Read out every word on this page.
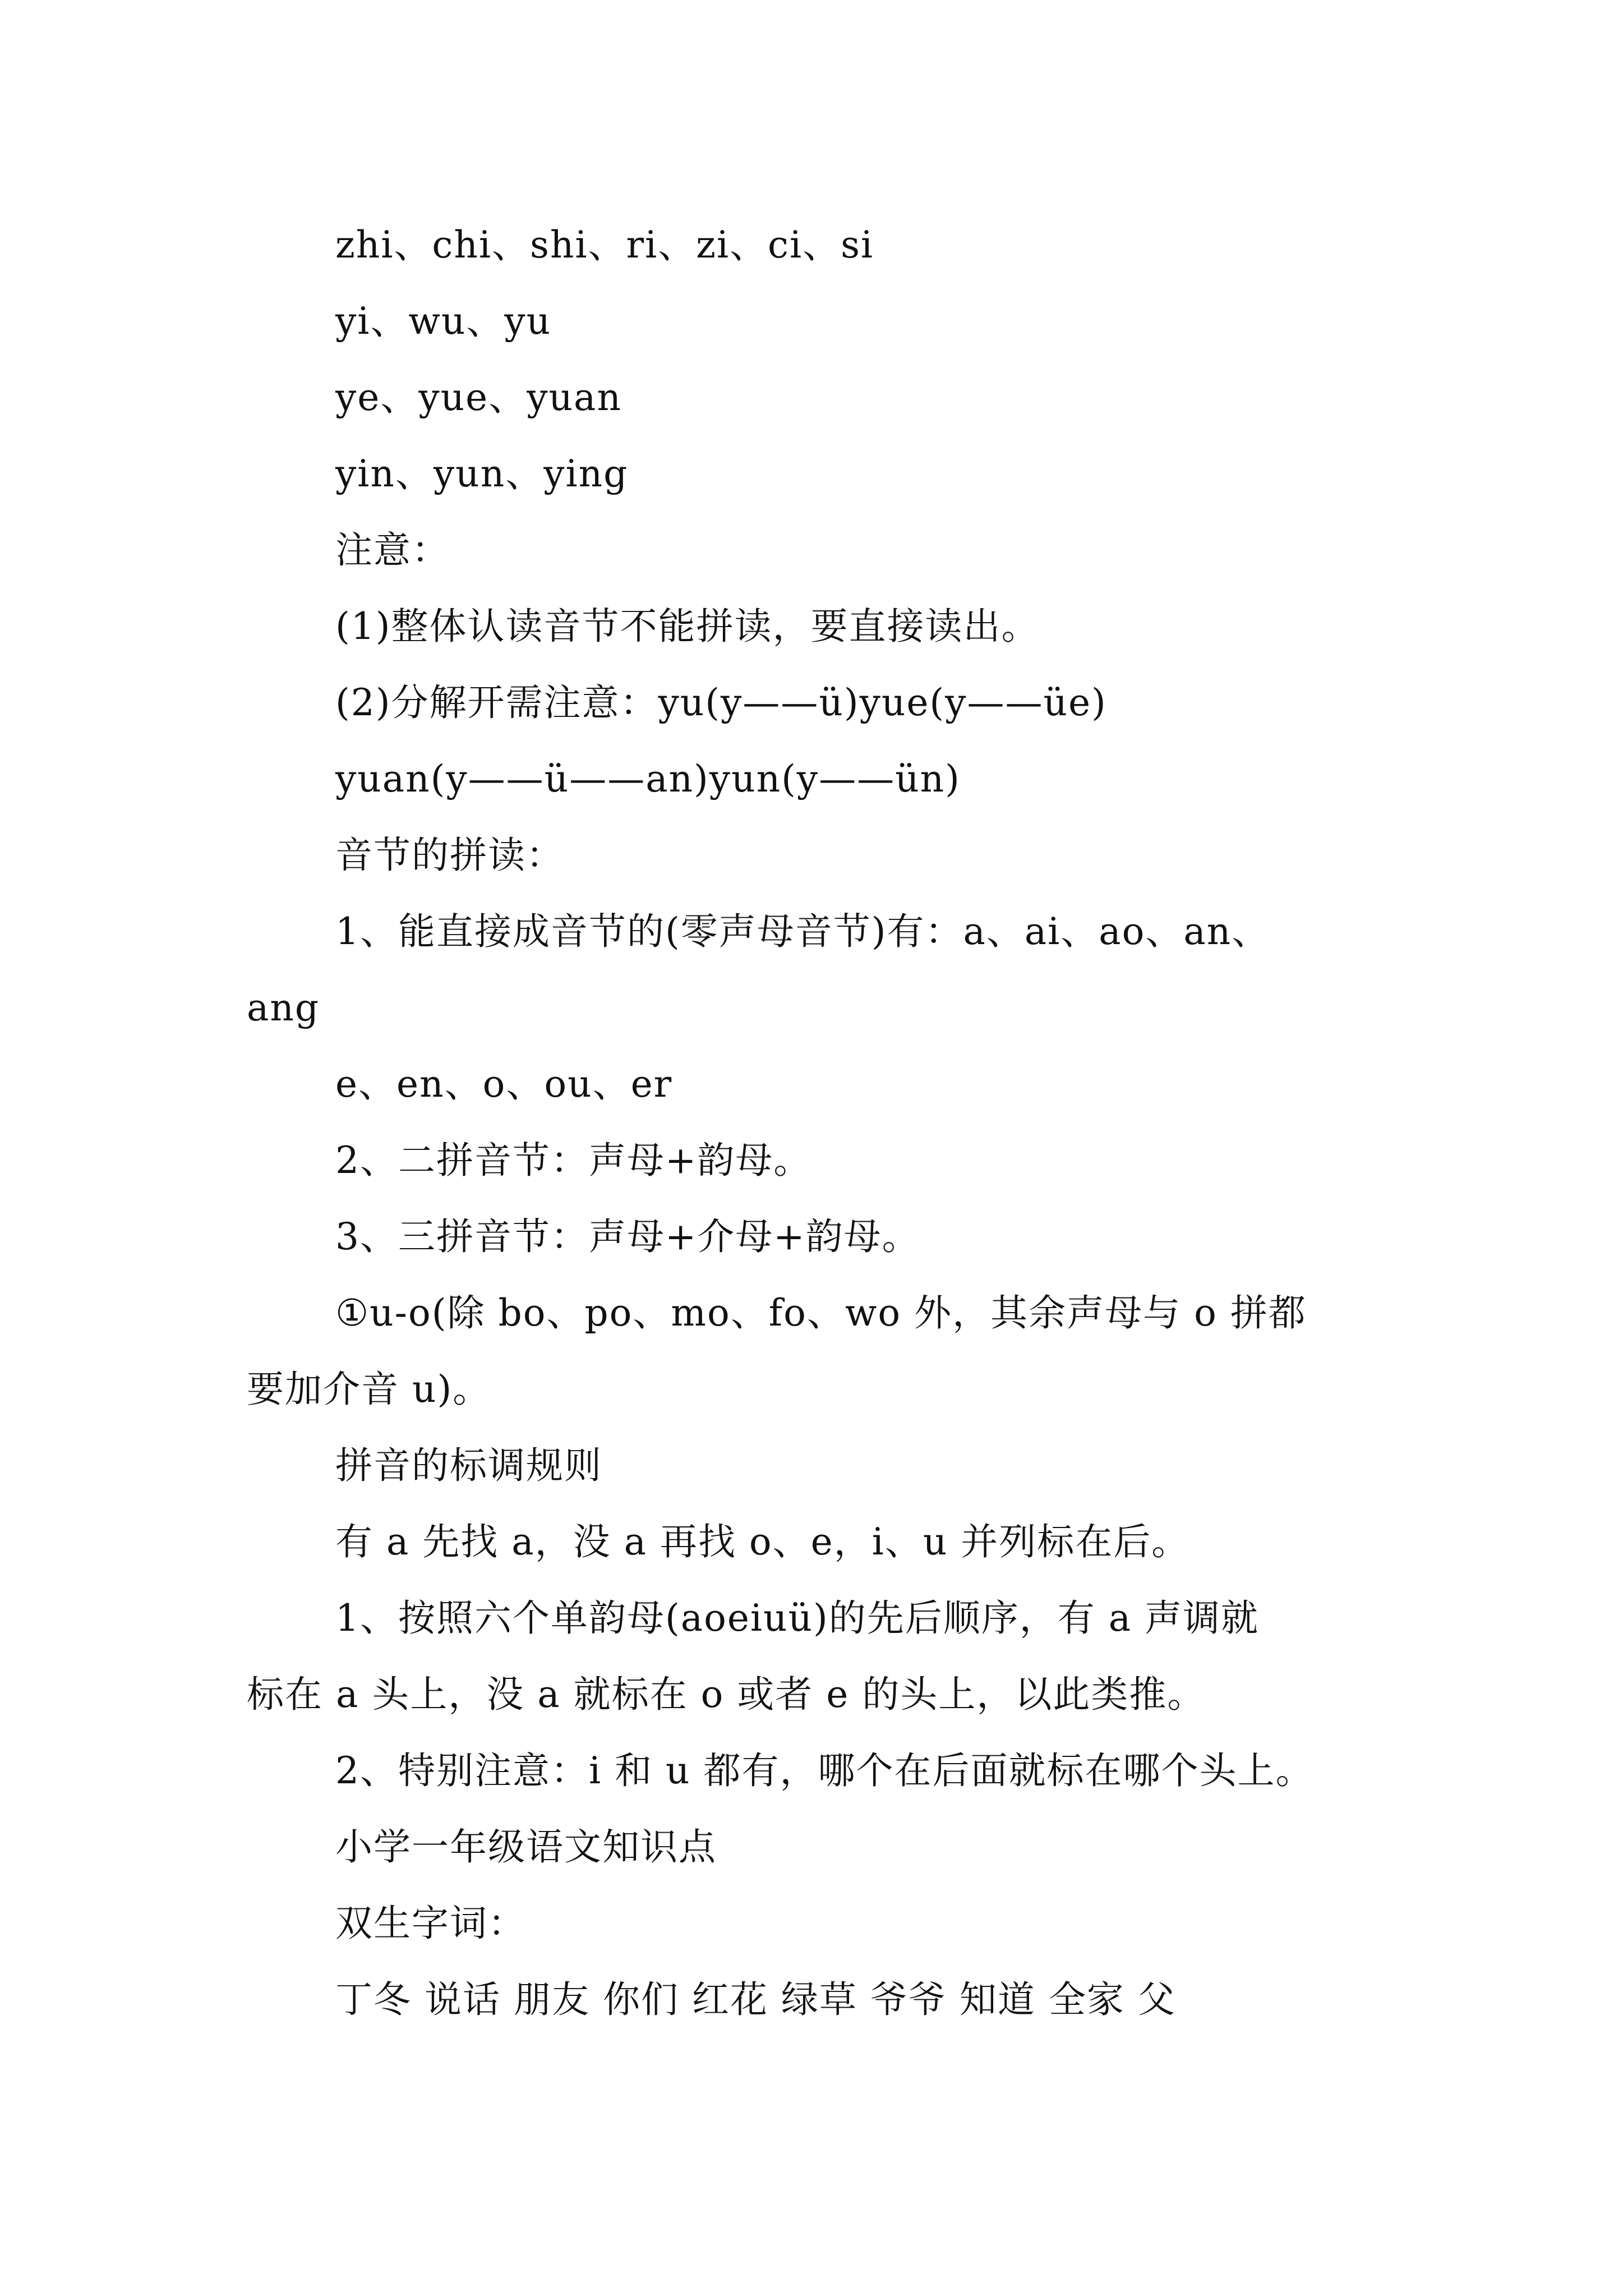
zhi、chi、shi、ri、zi、ci、si
yi、wu、yu
ye、yue、yuan
yin、yun、ying
注意：
(1)整体认读音节不能拼读，要直接读出。
(2)分解开需注意：yu(y——ü)yue(y——üe)
yuan(y——ü——an)yun(y——ün)
音节的拼读：
1、能直接成音节的(零声母音节)有：a、ai、ao、an、
ang
e、en、o、ou、er
2、二拼音节：声母+韵母。
3、三拼音节：声母+介母+韵母。
①u-o(除 bo、po、mo、fo、wo 外，其余声母与 o 拼都
要加介音 u)。
拼音的标调规则
有 a 先找 a，没 a 再找 o、e，i、u 并列标在后。
1、按照六个单韵母(aoeiuü)的先后顺序，有 a 声调就
标在 a 头上，没 a 就标在 o 或者 e 的头上，以此类推。
2、特别注意：i 和 u 都有，哪个在后面就标在哪个头上。
小学一年级语文知识点
双生字词：
丁冬 说话 朋友 你们 红花 绿草 爷爷 知道 全家 父
